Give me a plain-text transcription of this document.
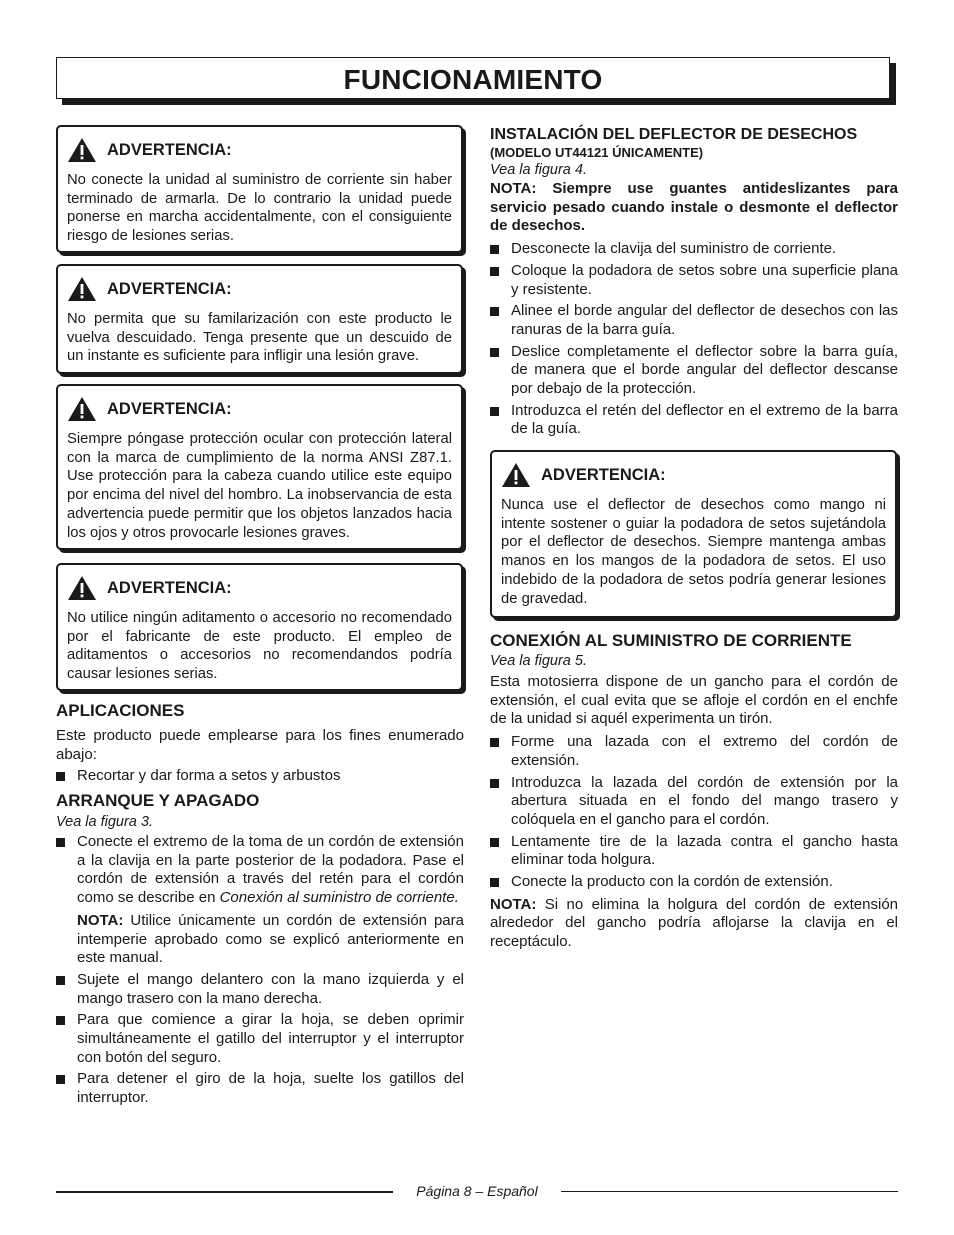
FUNCIONAMIENTO
ADVERTENCIA:

No conecte la unidad al suministro de corriente sin haber terminado de armarla. De lo contrario la unidad puede ponerse en marcha accidentalmente, con el consiguiente riesgo de lesiones serias.

ADVERTENCIA:

No permita que su familarización con este producto le vuelva descuidado. Tenga presente que un descuido de un instante es suficiente para infligir una lesión grave.

ADVERTENCIA:

Siempre póngase protección ocular con protección lateral con la marca de cumplimiento de la norma ANSI Z87.1. Use protección para la cabeza cuando utilice este equipo por encima del nivel del hombro. La inobservancia de esta advertencia puede permitir que los objetos lanzados hacia los ojos y otros provocarle lesiones graves.

ADVERTENCIA:

No utilice ningún aditamento o accesorio no recomendado por el fabricante de este producto. El empleo de aditamentos o accesorios no recomendandos podría causar lesiones serias.

APLICACIONES

Este producto puede emplearse para los fines enumerado abajo:

Recortar y dar forma a setos y arbustos
ARRANQUE Y APAGADO

Vea la figura 3.

Conecte el extremo de la toma de un cordón de extensión a la clavija en la parte posterior de la podadora. Pase el cordón de extensión a través del retén para el cordón como se describe en Conexión al suministro de corriente.
NOTA: Utilice únicamente un cordón de extensión para intemperie aprobado como se explicó anteriormente en este manual.
Sujete el mango delantero con la mano izquierda y el mango trasero con la mano derecha.
Para que comience a girar la hoja, se deben oprimir simultáneamente el gatillo del interruptor y el interruptor con botón del seguro.
Para detener el giro de la hoja, suelte los gatillos del interruptor.
INSTALACIÓN DEL DEFLECTOR DE DESECHOS

(MODELO UT44121 ÚNICAMENTE)

Vea la figura 4.

NOTA: Siempre use guantes antideslizantes para servicio pesado cuando instale o desmonte el deflector de desechos.

Desconecte la clavija del suministro de corriente.
Coloque la podadora de setos sobre una superficie plana y resistente.
Alinee el borde angular del deflector de desechos con las ranuras de la barra guía.
Deslice completamente el deflector sobre la barra guía, de manera que el borde angular del deflector descanse por debajo de la protección.
Introduzca el retén del deflector en el extremo de la barra de la guía.
ADVERTENCIA:

Nunca use el deflector de desechos como mango ni intente sostener o guiar la podadora de setos sujetándola por el deflector de desechos. Siempre mantenga ambas manos en los mangos de la podadora de setos. El uso indebido de la podadora de setos podría generar lesiones de gravedad.

CONEXIÓN AL SUMINISTRO DE CORRIENTE

Vea la figura 5.

Esta motosierra dispone de un gancho para el cordón de extensión, el cual evita que se afloje el cordón en el enchfe de la unidad si aquél experimenta un tirón.

Forme una lazada con el extremo del cordón de extensión.
Introduzca la lazada del cordón de extensión por la abertura situada en el fondo del mango trasero y colóquela en el gancho para el cordón.
Lentamente tire de la lazada contra el gancho hasta eliminar toda holgura.
Conecte la producto con la cordón de extensión.

NOTA: Si no elimina la holgura del cordón de extensión alrededor del gancho podría aflojarse la clavija en el receptáculo.

Página 8 – Español
